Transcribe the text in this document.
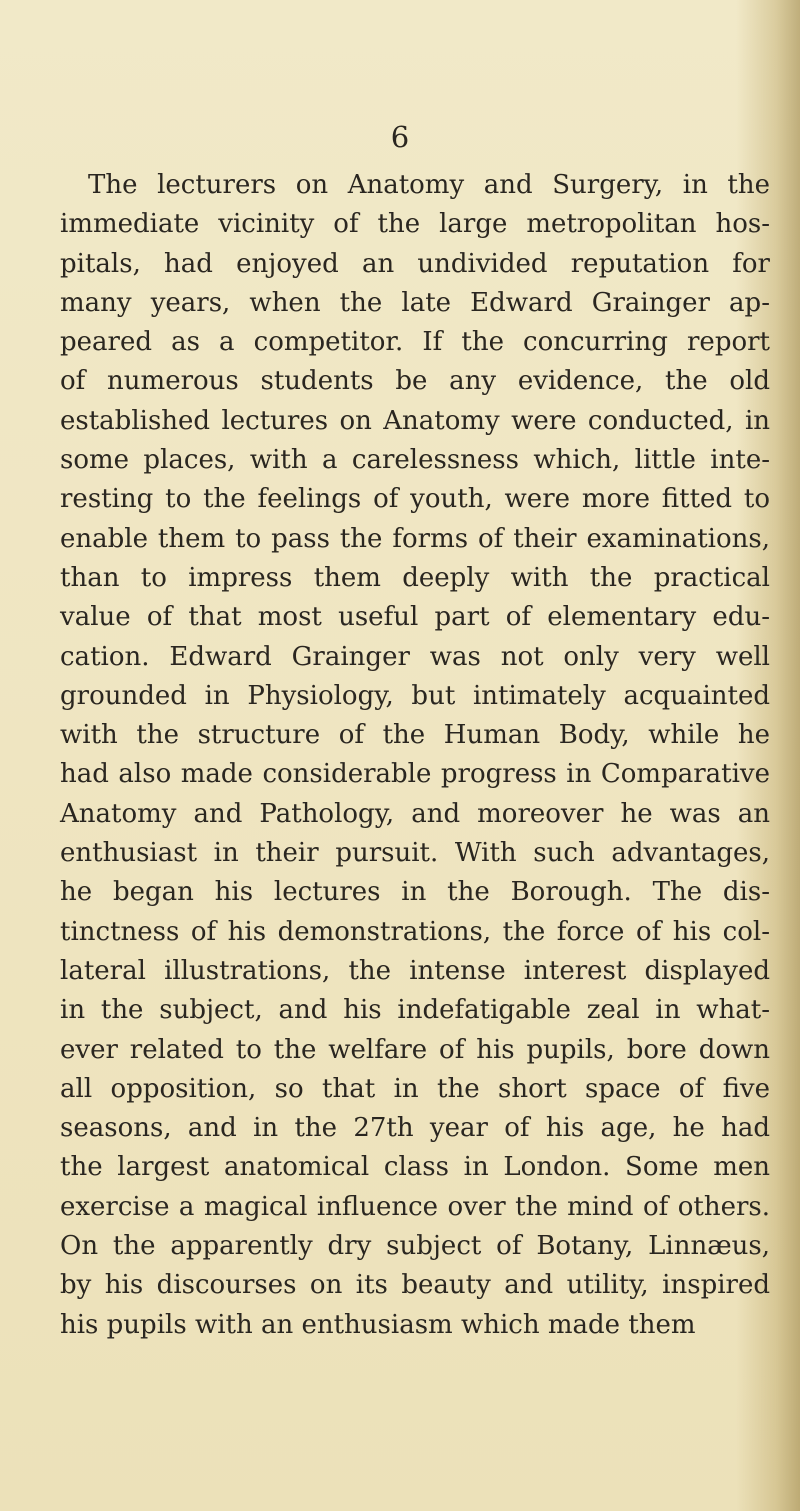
6
The lecturers on Anatomy and Surgery, in the
immediate vicinity of the large metropolitan hos-
pitals, had enjoyed an undivided reputation for
many years, when the late Edward Grainger ap-
peared as a competitor. If the concurring report
of numerous students be any evidence, the old
established lectures on Anatomy were conducted, in
some places, with a carelessness which, little inte-
resting to the feelings of youth, were more fitted to
enable them to pass the forms of their examinations,
than to impress them deeply with the practical
value of that most useful part of elementary edu-
cation. Edward Grainger was not only very well
grounded in Physiology, but intimately acquainted
with the structure of the Human Body, while he
had also made considerable progress in Comparative
Anatomy and Pathology, and moreover he was an
enthusiast in their pursuit. With such advantages,
he began his lectures in the Borough. The dis-
tinctness of his demonstrations, the force of his col-
lateral illustrations, the intense interest displayed
in the subject, and his indefatigable zeal in what-
ever related to the welfare of his pupils, bore down
all opposition, so that in the short space of five
seasons, and in the 27th year of his age, he had
the largest anatomical class in London. Some men
exercise a magical influence over the mind of others.
On the apparently dry subject of Botany, Linnæus,
by his discourses on its beauty and utility, inspired
his pupils with an enthusiasm which made them
